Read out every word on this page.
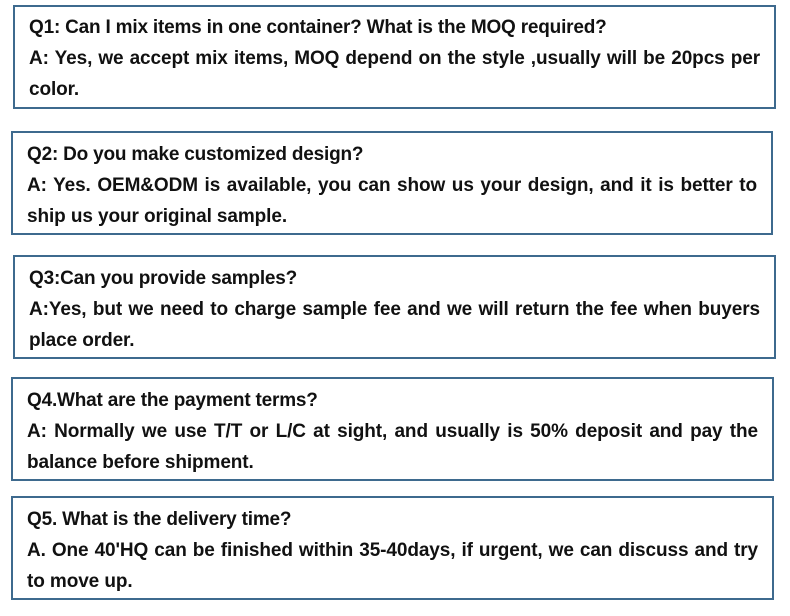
Q1: Can I mix items in one container? What is the MOQ required?

A: Yes, we accept mix items, MOQ depend on the style ,usually will be 20pcs per color.

Q2: Do you make customized design?

A: Yes. OEM&ODM is available, you can show us your design, and it is better to ship us your original sample.

Q3:Can you provide samples?

A:Yes, but we need to charge sample fee and we will return the fee when buyers place order.

Q4.What are the payment terms?

A: Normally we use T/T or L/C at sight, and usually is 50% deposit and pay the balance before shipment.

Q5. What is the delivery time?

A. One 40'HQ can be finished within 35-40days, if urgent, we can discuss and try to move up.
